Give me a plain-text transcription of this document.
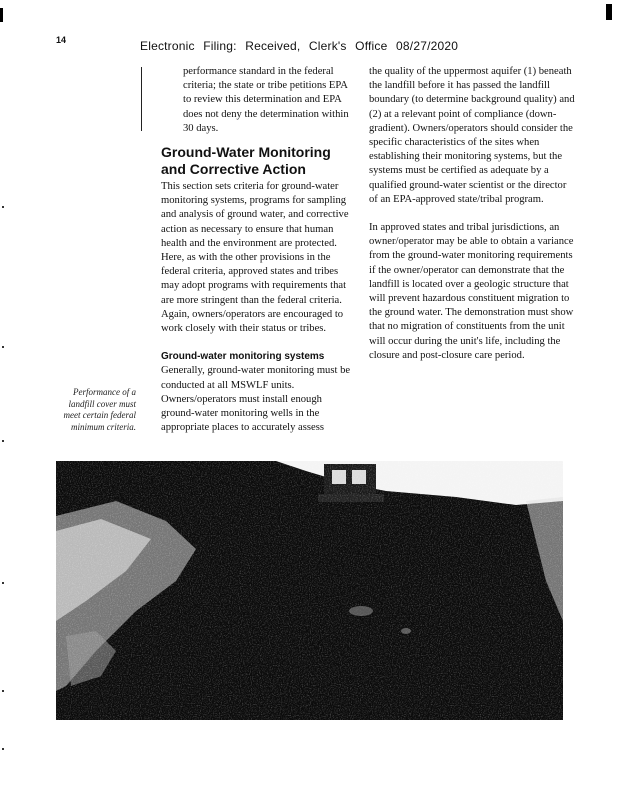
14	Electronic Filing: Received, Clerk's Office 08/27/2020

performance standard in the federal criteria; the state or tribe petitions EPA to review this determination and EPA does not deny the determination within 30 days.

Ground-Water Monitoring
and Corrective Action

This section sets criteria for ground-water monitoring systems, programs for sampling and analysis of ground water, and corrective action as necessary to ensure that human health and the environment are protected. Here, as with the other provisions in the federal criteria, approved states and tribes may adopt programs with requirements that are more stringent than the federal criteria. Again, owners/operators are encouraged to work closely with their status or tribes.

Ground-water monitoring systems

Generally, ground-water monitoring must be conducted at all MSWLF units. Owners/operators must install enough ground-water monitoring wells in the appropriate places to accurately assess

the quality of the uppermost aquifer (1) beneath the landfill before it has passed the landfill boundary (to determine background quality) and (2) at a relevant point of compliance (down-gradient). Owners/operators should consider the specific characteristics of the sites when establishing their monitoring systems, but the systems must be certified as adequate by a qualified ground-water scientist or the director of an EPA-approved state/tribal program.

In approved states and tribal jurisdictions, an owner/operator may be able to obtain a variance from the ground-water monitoring requirements if the owner/operator can demonstrate that the landfill is located over a geologic structure that will prevent hazardous constituent migration to the ground water. The demonstration must show that no migration of constituents from the unit will occur during the unit's life, including the closure and post-closure care period.

Performance of a landfill cover must meet certain federal minimum criteria.
